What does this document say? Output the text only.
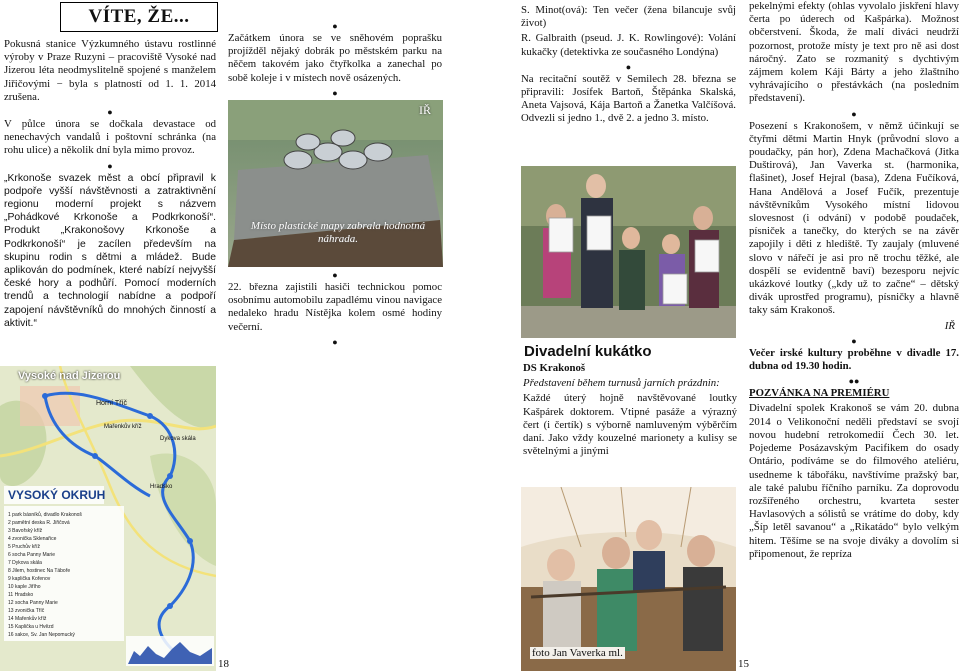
VÍTE, ŽE...

Pokusná stanice Výzkumného ústavu rostlinné výroby v Praze Ruzyni – pracoviště Vysoké nad Jizerou léta neodmyslitelně spojené s manželem Jiřičovými − byla s platností od 1. 1. 2014 zrušena.

●

V půlce února se dočkala devastace od nenechavých vandalů i poštovní schránka (na rohu ulice) a několik dní byla mimo provoz.

●

„Krkonoše svazek měst a obcí připravil k podpoře vyšší návštěvnosti a zatraktivnění regionu moderní projekt s názvem „Pohádkové Krkonoše a Podkrkonoší“. Produkt „Krakonošovy Krkonoše a Podkrkonoší“ je zacílen především na skupinu rodin s dětmi a mládež. Bude aplikován do podmínek, které nabízí nejvyšší české hory a podhůří. Pomocí moderních trendů a technologií nabídne a podpoří zapojení návštěvníků do mnohých činností a aktivit.“

1 park básníků, divadlo Krakonoš
2 pamětní deska R. Jiřičová
3 Bavořský kříž
4 zvonička Sklenařice
5 Pruchův kříž
6 socha Panny Marie
7 Dykova skála
8 Jilem, hostinec Na Táboře
9 kaplička Kořenov
10 kaple Jiřího
11 Hradsko
12 socha Panny Marie
13 zvonička Tříč
14 Mařenkův kříž
15 Kaplička u Hvězd
16 sakce, Sv. Jan Nepomucký
Vysoké nad Jizerou
VYSOKÝ OKRUH
Horní Tříč
Mařenkův kříž
Dykova skála
Hradsko

●

Začátkem února se ve sněhovém poprašku projížděl nějaký dobrák po městském parku na něčem takovém jako čtyřkolka a zanechal po sobě koleje i v místech nově osázených.

●

Místo plastické mapy zabrala hodnotná náhrada.
IŘ

●

22. března zajistili hasiči technickou pomoc osobnímu automobilu zapadlému vinou navigace nedaleko hradu Nístějka kolem osmé hodiny večerní.

●

18

S. Minot(ová): Ten večer (žena bilancuje svůj život)

R. Galbraith (pseud. J. K. Rowlingové): Volání kukačky (detektivka ze současného Londýna)

●

Na recitační soutěž v Semilech 28. března se připravili: Josífek Bartoň, Štěpánka Skalská, Aneta Vajsová, Kája Bartoň a Žanetka Valčíšová. Odvezli si jedno 1., dvě 2. a jedno 3. místo.

Divadelní kukátko

DS Krakonoš

Představení během turnusů jarních prázdnin:

Každé úterý hojně navštěvované loutky Kašpárek doktorem. Vtipné pasáže a výrazný čert (i čertík) s výborně namluveným výběrčím daní. Jako vždy kouzelné marionety a kulisy se světelnými a jinými

foto Jan Vaverka ml.
15

pekelnými efekty (ohlas vyvolalo jiskření hlavy čerta po úderech od Kašpárka). Možnost občerstvení. Škoda, že malí diváci neudrží pozornost, protože místy je text pro ně asi dost náročný. Zato se rozmanitý s dychtivým zájmem kolem Káji Bárty a jeho žlaštního vyhrávajícího o přestávkách (na posledním představení).

●

Posezení s Krakonošem, v němž účinkují se čtyřmi dětmi Martin Hnyk (průvodní slovo a poudačky, pán hor), Zdena Machačková (Jitka Duštirová), Jan Vaverka st. (harmonika, flašinet), Josef Hejral (basa), Zdena Fučíková, Hana Andělová a Josef Fučík, prezentuje návštěvníkům Vysokého místní lidovou slovesnost (i odvání) v podobě poudaček, písniček a tanečky, do kterých se na závěr zapojily i děti z hlediště. Ty zaujaly (mluvené slovo v nářečí je asi pro ně trochu těžké, ale dospělí se evidentně baví) bezesporu nejvíc ukázkové loutky („kdy už to začne“ – dětský divák uprostřed programu), písničky a hlavně taky sám Krakonoš.

IŘ

●

Večer irské kultury proběhne v divadle 17. dubna od 19.30 hodin.

●●

POZVÁNKA NA PREMIÉRU

Divadelní spolek Krakonoš se vám 20. dubna 2014 o Velikonoční neděli představí se svojí novou hudební retrokomedií Čech 30. let. Pojedeme Posázavským Pacifikem do osady Ontário, podíváme se do filmového ateliéru, usedneme k tábořáku, navštívíme pražský bar, ale také palubu říčního parníku. Za doprovodu rozšířeného orchestru, kvarteta sester Havlasových a sólistů se vrátíme do doby, kdy „Šíp letěl savanou“ a „Rikatádo“ bylo velkým hitem. Těšíme se na svoje diváky a dovolím si připomenout, že repríza
